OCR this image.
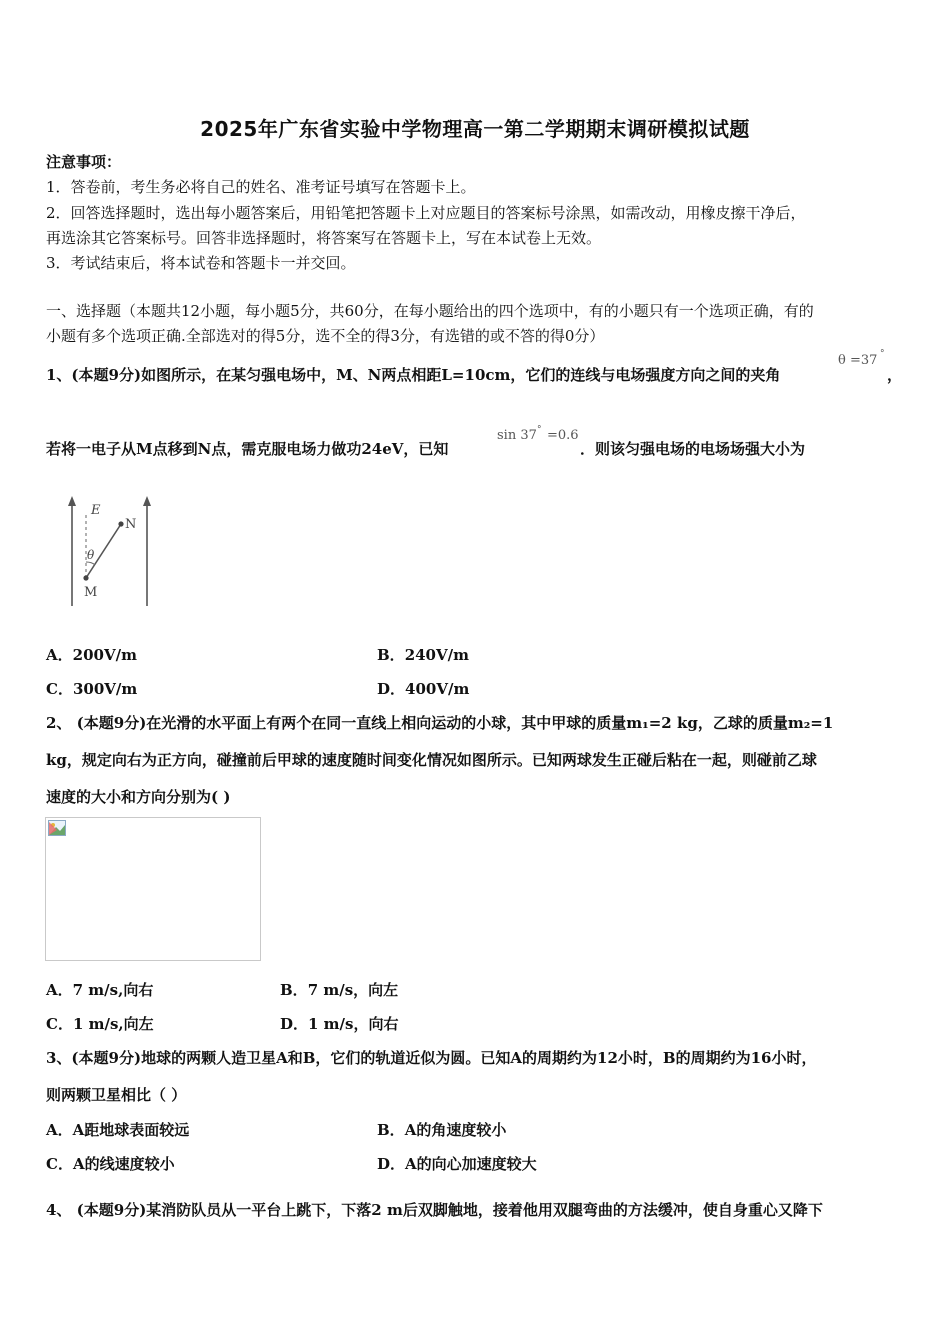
2025年广东省实验中学物理高一第二学期期末调研模拟试题
注意事项：
1．答卷前，考生务必将自己的姓名、准考证号填写在答题卡上。
2．回答选择题时，选出每小题答案后，用铅笔把答题卡上对应题目的答案标号涂黑，如需改动，用橡皮擦干净后，
再选涂其它答案标号。回答非选择题时，将答案写在答题卡上，写在本试卷上无效。
3．考试结束后，将本试卷和答题卡一并交回。
一、选择题（本题共12小题，每小题5分，共60分，在每小题给出的四个选项中，有的小题只有一个选项正确，有的
小题有多个选项正确.全部选对的得5分，选不全的得3分，有选错的或不答的得0分）
1、(本题9分)如图所示，在某匀强电场中，M、N两点相距L=10cm，它们的连线与电场强度方向之间的夹角
θ =37 °
，
若将一电子从M点移到N点，需克服电场力做功24eV，已知
sin 37 ° =0.6
．则该匀强电场的电场场强大小为
E
N
M
θ
A．200V/m	B．240V/m
C．300V/m	D．400V/m
2、 (本题9分)在光滑的水平面上有两个在同一直线上相向运动的小球，其中甲球的质量m₁=2 kg，乙球的质量m₂=1
kg，规定向右为正方向，碰撞前后甲球的速度随时间变化情况如图所示。已知两球发生正碰后粘在一起，则碰前乙球
速度的大小和方向分别为( )
A．7 m/s,向右	B．7 m/s，向左
C．1 m/s,向左	D．1 m/s，向右
3、(本题9分)地球的两颗人造卫星A和B，它们的轨道近似为圆。已知A的周期约为12小时，B的周期约为16小时，
则两颗卫星相比（ ）
A．A距地球表面较远	B．A的角速度较小
C．A的线速度较小	D．A的向心加速度较大
4、 (本题9分)某消防队员从一平台上跳下，下落2 m后双脚触地，接着他用双腿弯曲的方法缓冲，使自身重心又降下
